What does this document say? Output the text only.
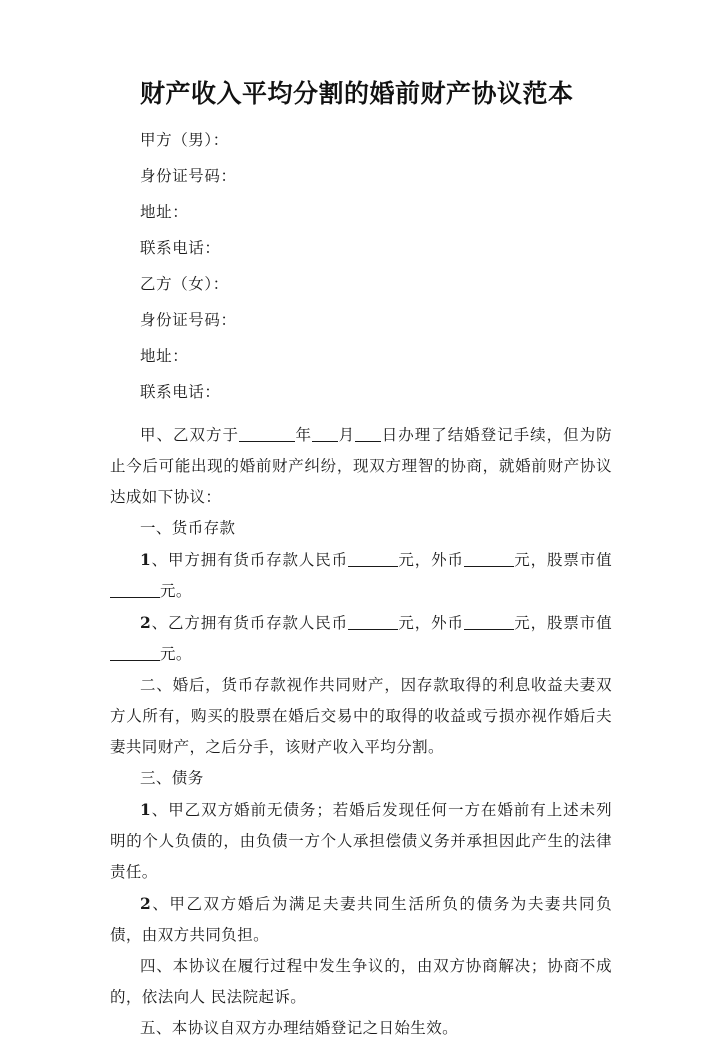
财产收入平均分割的婚前财产协议范本
甲方（男）：
身份证号码：
地址：
联系电话：
乙方（女）：
身份证号码：
地址：
联系电话：

甲、乙双方于	年 月 日办理了结婚登记手续，但为防止今后可能出现的婚前财产纠纷，现双方理智的协商，就婚前财产协议达成如下协议：

一、货币存款

1、甲方拥有货币存款人民币	元，外币	元，股票市值元。

2、乙方拥有货币存款人民币	元，外币	元，股票市值元。

二、婚后，货币存款视作共同财产，因存款取得的利息收益夫妻双方人所有，购买的股票在婚后交易中的取得的收益或亏损亦视作婚后夫妻共同财产，之后分手，该财产收入平均分割。

三、债务

1、甲乙双方婚前无债务；若婚后发现任何一方在婚前有上述未列明的个人负债的，由负债一方个人承担偿债义务并承担因此产生的法律责任。

2、甲乙双方婚后为满足夫妻共同生活所负的债务为夫妻共同负债，由双方共同负担。

四、本协议在履行过程中发生争议的，由双方协商解决；协商不成的，依法向人 民法院起诉。

五、本协议自双方办理结婚登记之日始生效。
